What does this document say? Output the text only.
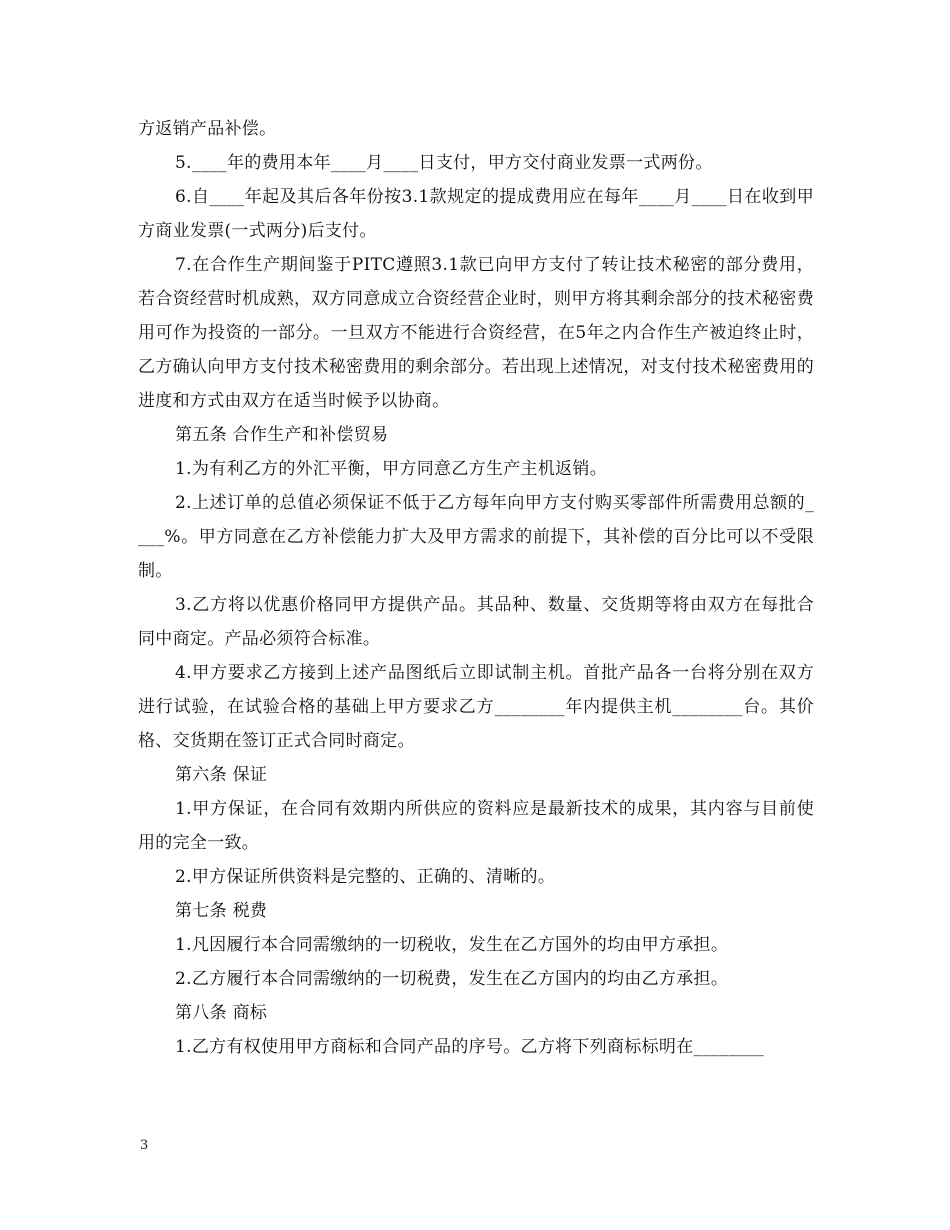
方返销产品补偿。

5.____年的费用本年____月____日支付，甲方交付商业发票一式两份。

6.自____年起及其后各年份按3.1款规定的提成费用应在每年____月____日在收到甲方商业发票(一式两分)后支付。

7.在合作生产期间鉴于PITC遵照3.1款已向甲方支付了转让技术秘密的部分费用，若合资经营时机成熟，双方同意成立合资经营企业时，则甲方将其剩余部分的技术秘密费用可作为投资的一部分。一旦双方不能进行合资经营，在5年之内合作生产被迫终止时，乙方确认向甲方支付技术秘密费用的剩余部分。若出现上述情况，对支付技术秘密费用的进度和方式由双方在适当时候予以协商。

第五条 合作生产和补偿贸易

1.为有利乙方的外汇平衡，甲方同意乙方生产主机返销。

2.上述订单的总值必须保证不低于乙方每年向甲方支付购买零部件所需费用总额的____%。甲方同意在乙方补偿能力扩大及甲方需求的前提下，其补偿的百分比可以不受限制。

3.乙方将以优惠价格同甲方提供产品。其品种、数量、交货期等将由双方在每批合同中商定。产品必须符合标准。

4.甲方要求乙方接到上述产品图纸后立即试制主机。首批产品各一台将分别在双方进行试验，在试验合格的基础上甲方要求乙方________年内提供主机________台。其价格、交货期在签订正式合同时商定。

第六条 保证

1.甲方保证，在合同有效期内所供应的资料应是最新技术的成果，其内容与目前使用的完全一致。

2.甲方保证所供资料是完整的、正确的、清晰的。

第七条 税费

1.凡因履行本合同需缴纳的一切税收，发生在乙方国外的均由甲方承担。

2.乙方履行本合同需缴纳的一切税费，发生在乙方国内的均由乙方承担。

第八条 商标

1.乙方有权使用甲方商标和合同产品的序号。乙方将下列商标标明在________

3
